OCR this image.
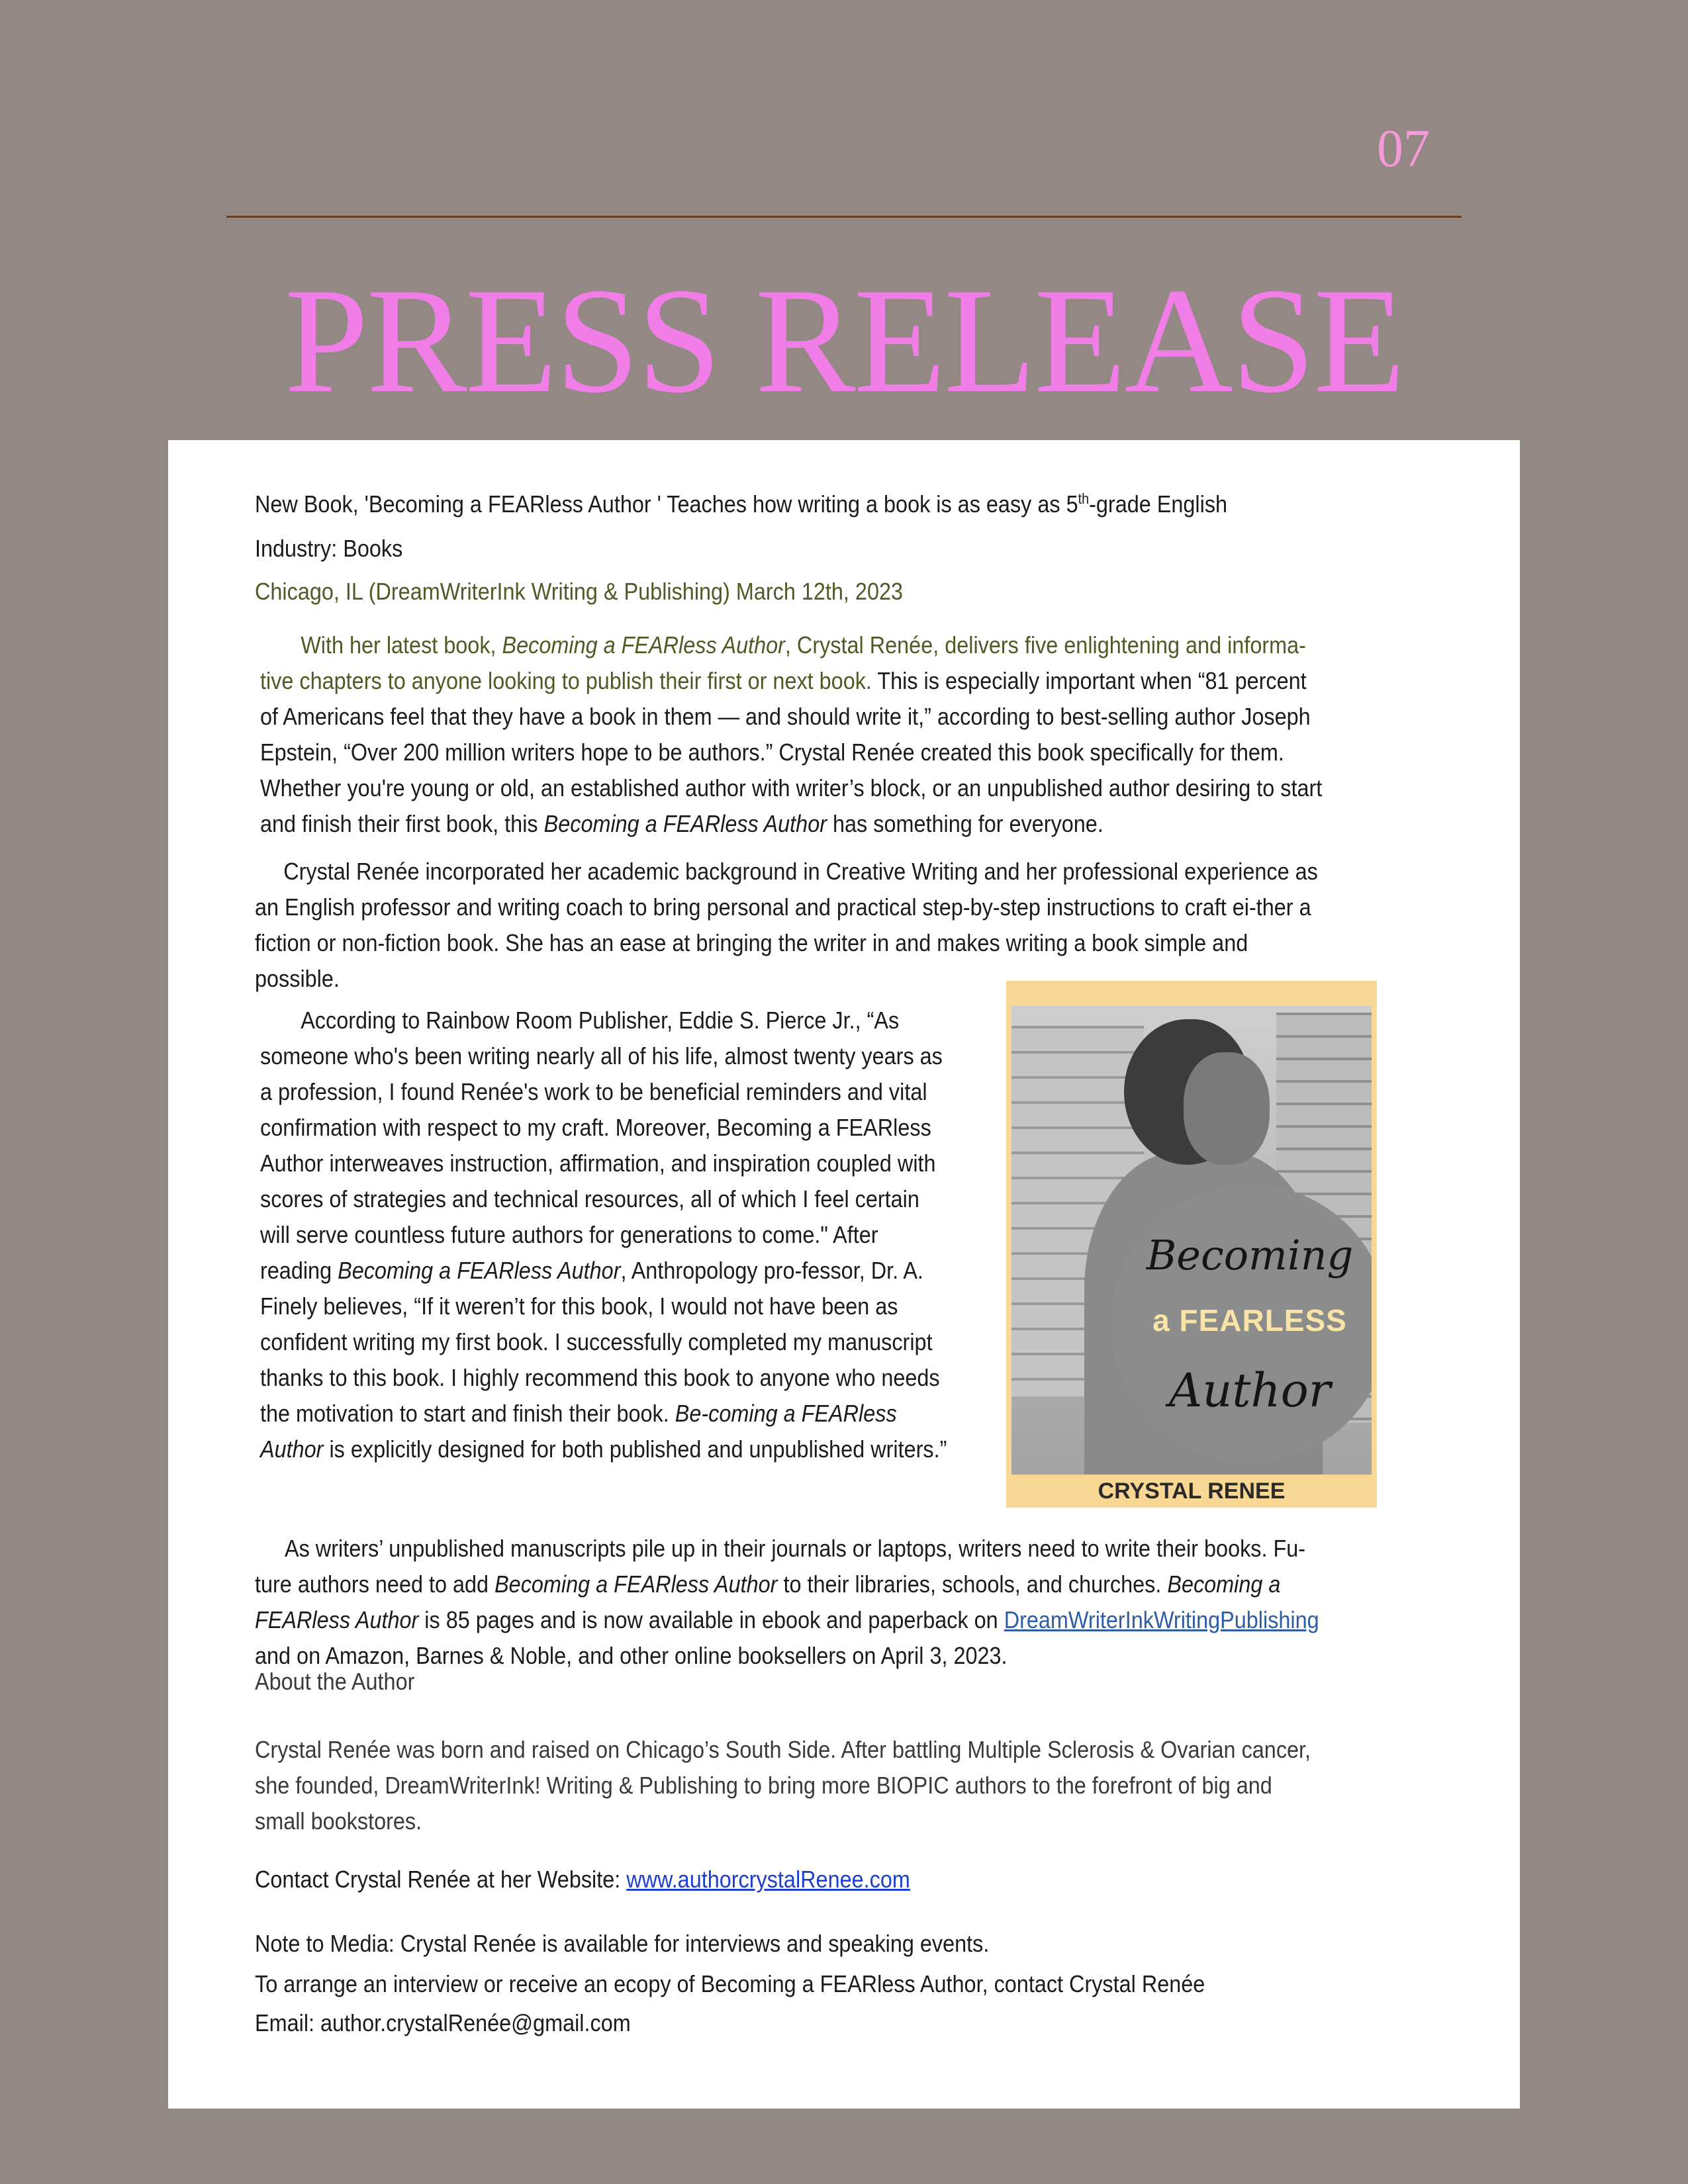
07
PRESS RELEASE

New Book, 'Becoming a FEARless Author ' Teaches how writing a book is as easy as 5th-grade English

Industry: Books

Chicago, IL (DreamWriterInk Writing & Publishing) March 12th, 2023

With her latest book, Becoming a FEARless Author, Crystal Renée, delivers five enlightening and informa-tive chapters to anyone looking to publish their first or next book. This is especially important when “81 percent of Americans feel that they have a book in them — and should write it,” according to best-selling author Joseph Epstein, “Over 200 million writers hope to be authors.” Crystal Renée created this book specifically for them. Whether you're young or old, an established author with writer’s block, or an unpublished author desiring to start and finish their first book, this Becoming a FEARless Author has something for everyone.

Crystal Renée incorporated her academic background in Creative Writing and her professional experience as an English professor and writing coach to bring personal and practical step-by-step instructions to craft ei-ther a fiction or non-fiction book. She has an ease at bringing the writer in and makes writing a book simple and possible.

According to Rainbow Room Publisher, Eddie S. Pierce Jr., “As someone who's been writing nearly all of his life, almost twenty years as a profession, I found Renée's work to be beneficial reminders and vital confirmation with respect to my craft. Moreover, Becoming a FEARless Author interweaves instruction, affirmation, and inspiration coupled with scores of strategies and technical resources, all of which I feel certain will serve countless future authors for generations to come." After reading Becoming a FEARless Author, Anthropology pro-fessor, Dr. A. Finely believes, “If it weren’t for this book, I would not have been as confident writing my first book. I successfully completed my manuscript thanks to this book. I highly recommend this book to anyone who needs the motivation to start and finish their book. Be-coming a FEARless Author is explicitly designed for both published and unpublished writers.”

Becoming
a FEARLESS
Author
CRYSTAL RENEE

As writers’ unpublished manuscripts pile up in their journals or laptops, writers need to write their books. Fu-ture authors need to add Becoming a FEARless Author to their libraries, schools, and churches. Becoming a FEARless Author is 85 pages and is now available in ebook and paperback on DreamWriterInkWritingPublishing and on Amazon, Barnes & Noble, and other online booksellers on April 3, 2023.

About the Author

Crystal Renée was born and raised on Chicago’s South Side. After battling Multiple Sclerosis & Ovarian cancer, she founded, DreamWriterInk! Writing & Publishing to bring more BIOPIC authors to the forefront of big and small bookstores.

Contact Crystal Renée at her Website: www.authorcrystalRenee.com

Note to Media: Crystal Renée is available for interviews and speaking events.

To arrange an interview or receive an ecopy of Becoming a FEARless Author, contact Crystal Renée

Email: author.crystalRenée@gmail.com
